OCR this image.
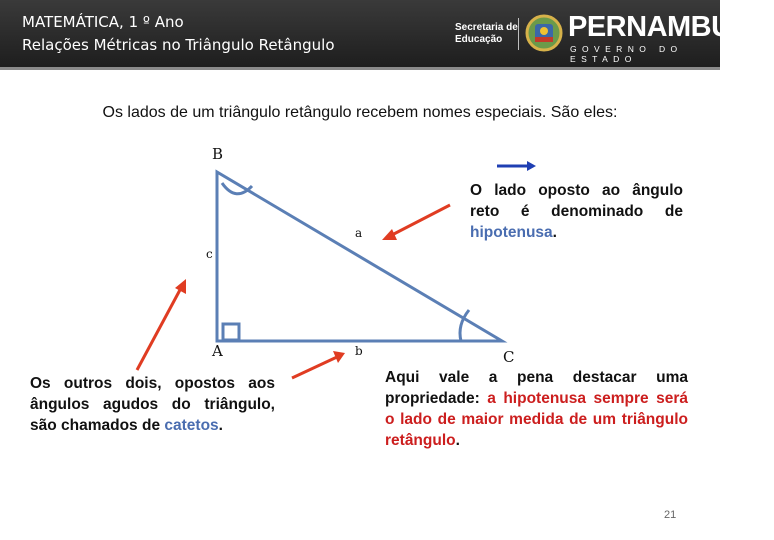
MATEMÁTICA, 1 º Ano
Relações Métricas no Triângulo Retângulo
Secretaria de
Educação	PERNAMBUCO
GOVERNO DO ESTADO
Os lados de um triângulo retângulo recebem nomes especiais. São eles:
B
A	C
a
b
c
O lado oposto ao ângulo reto é denominado de hipotenusa.
Os outros dois, opostos aos ângulos agudos do triângulo, são chamados de catetos.
Aqui vale a pena destacar uma propriedade: a hipotenusa sempre será o lado de maior medida de um triângulo retângulo.
21
